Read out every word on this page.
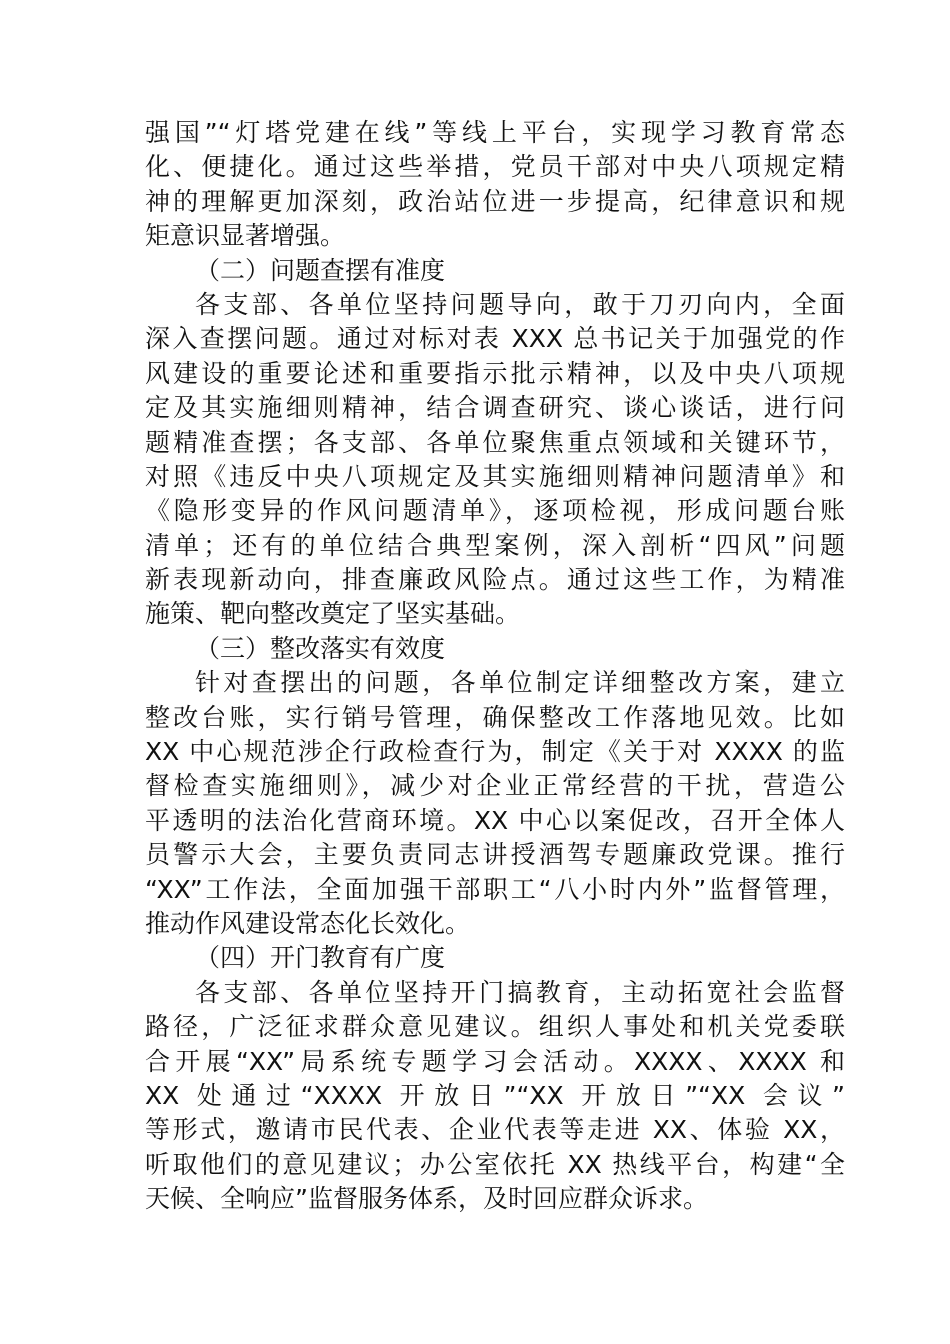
强国”“灯塔党建在线”等线上平台，实现学习教育常态
化、便捷化。通过这些举措，党员干部对中央八项规定精
神的理解更加深刻，政治站位进一步提高，纪律意识和规
矩意识显著增强。
（二）问题查摆有准度
各支部、各单位坚持问题导向，敢于刀刃向内，全面
深入查摆问题。通过对标对表 XXX 总书记关于加强党的作
风建设的重要论述和重要指示批示精神，以及中央八项规
定及其实施细则精神，结合调查研究、谈心谈话，进行问
题精准查摆；各支部、各单位聚焦重点领域和关键环节，
对照《违反中央八项规定及其实施细则精神问题清单》和
《隐形变异的作风问题清单》，逐项检视，形成问题台账
清单；还有的单位结合典型案例，深入剖析“四风”问题
新表现新动向，排查廉政风险点。通过这些工作，为精准
施策、靶向整改奠定了坚实基础。
（三）整改落实有效度
针对查摆出的问题，各单位制定详细整改方案，建立
整改台账，实行销号管理，确保整改工作落地见效。比如
XX 中心规范涉企行政检查行为，制定《关于对 XXXX 的监
督检查实施细则》，减少对企业正常经营的干扰，营造公
平透明的法治化营商环境。XX 中心以案促改，召开全体人
员警示大会，主要负责同志讲授酒驾专题廉政党课。推行
“XX”工作法，全面加强干部职工“八小时内外”监督管理，
推动作风建设常态化长效化。
（四）开门教育有广度
各支部、各单位坚持开门搞教育，主动拓宽社会监督
路径，广泛征求群众意见建议。组织人事处和机关党委联
合开展“XX”局系统专题学习会活动。XXXX、XXXX 和
XX 处通过“XXXX 开放日”“XX 开放日”“XX 会议”
等形式，邀请市民代表、企业代表等走进 XX、体验 XX，
听取他们的意见建议；办公室依托 XX 热线平台，构建“全
天候、全响应”监督服务体系，及时回应群众诉求。
